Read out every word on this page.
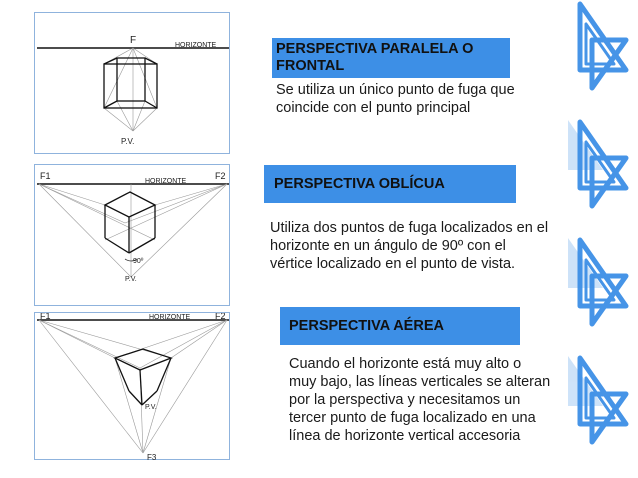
F	HORIZONTE
P.V.
F1	F2
HORIZONTE
90º
P.V.
F1	F2
HORIZONTE
P.V.
F3
PERSPECTIVA PARALELA O FRONTAL
Se utiliza un único punto de fuga que coincide con el punto principal
PERSPECTIVA OBLÍCUA
Utiliza dos puntos de fuga localizados en el horizonte en un ángulo de 90º con el vértice localizado en el punto de vista.
PERSPECTIVA AÉREA
Cuando el horizonte está muy alto o muy bajo, las líneas verticales se alteran por la perspectiva y necesitamos un tercer punto de fuga localizado en una línea de horizonte vertical accesoria
